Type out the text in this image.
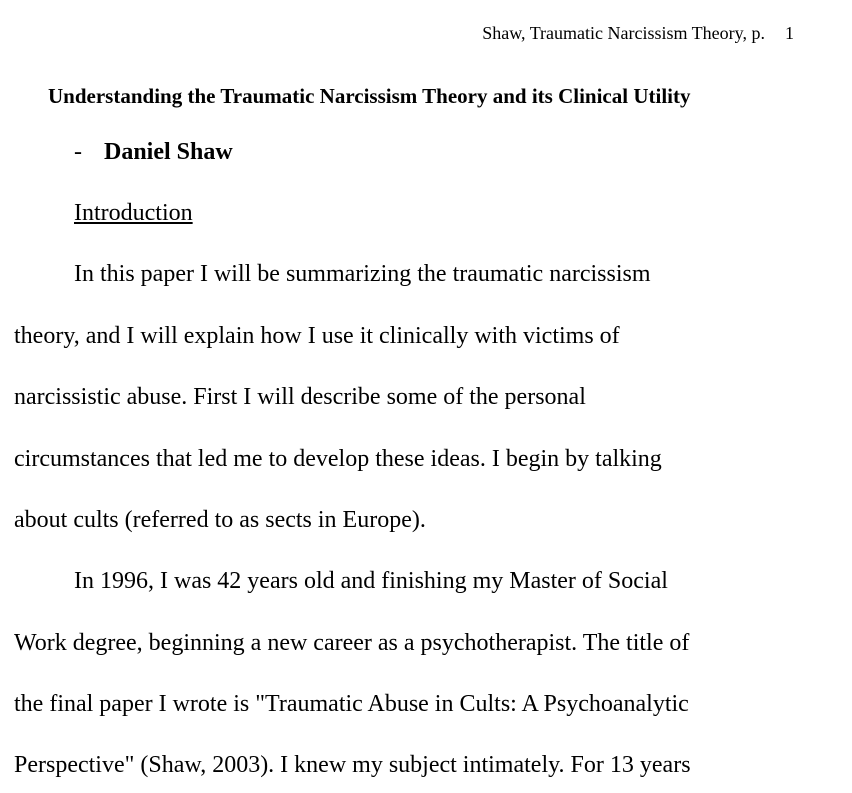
Shaw, Traumatic Narcissism Theory, p. 1
Understanding the Traumatic Narcissism Theory and its Clinical Utility
- Daniel Shaw
Introduction
In this paper I will be summarizing the traumatic narcissism
theory, and I will explain how I use it clinically with victims of
narcissistic abuse. First I will describe some of the personal
circumstances that led me to develop these ideas. I begin by talking
about cults (referred to as sects in Europe).
In 1996, I was 42 years old and finishing my Master of Social
Work degree, beginning a new career as a psychotherapist. The title of
the final paper I wrote is "Traumatic Abuse in Cults: A Psychoanalytic
Perspective" (Shaw, 2003). I knew my subject intimately. For 13 years
